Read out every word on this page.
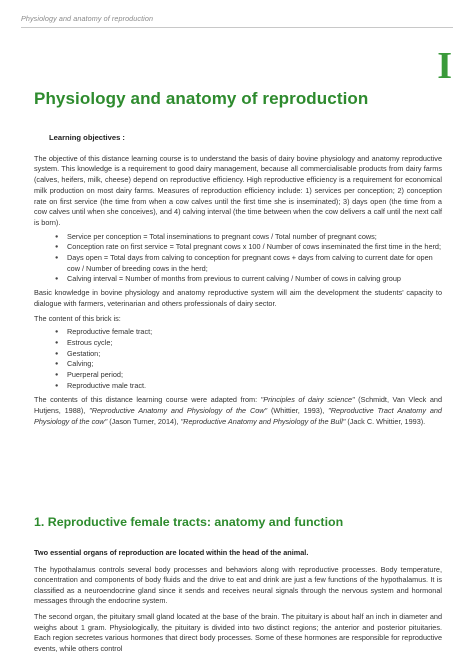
Physiology and anatomy of reproduction
I
Physiology and anatomy of reproduction

Learning objectives :

The objective of this distance learning course is to understand the basis of dairy bovine physiology and anatomy reproductive system. This knowledge is a requirement to good dairy management, because all commercialisable products from dairy farms (calves, heifers, milk, cheese) depend on reproductive efficiency. High reproductive efficiency is a requirement for economical milk production on most dairy farms. Measures of reproduction efficiency include: 1) services per conception; 2) conception rate on first service (the time from when a cow calves until the first time she is inseminated); 3) days open (the time from a cow calves until when she conceives), and 4) calving interval (the time between when the cow delivers a calf until the next calf is born).

● Service per conception = Total inseminations to pregnant cows / Total number of pregnant cows;
● Conception rate on first service = Total pregnant cows x 100 / Number of cows inseminated the first time in the herd;
● Days open = Total days from calving to conception for pregnant cows + days from calving to current date for open cow / Number of breeding cows in the herd;
● Calving interval = Number of months from previous to current calving / Number of cows in calving group

Basic knowledge in bovine physiology and anatomy reproductive system will aim the development the students' capacity to dialogue with farmers, veterinarian and others professionals of dairy sector.

The content of this brick is:

● Reproductive female tract;
● Estrous cycle;
● Gestation;
● Calving;
● Puerperal period;
● Reproductive male tract.

The contents of this distance learning course were adapted from: "Principles of dairy science" (Schmidt, Van Vleck and Hutjens, 1988), "Reproductive Anatomy and Physiology of the Cow" (Whittier, 1993), "Reproductive Tract Anatomy and Physiology of the cow" (Jason Turner, 2014), "Reproductive Anatomy and Physiology of the Bull" (Jack C. Whittier, 1993).

1. Reproductive female tracts: anatomy and function

Two essential organs of reproduction are located within the head of the animal.

The hypothalamus controls several body processes and behaviors along with reproductive processes. Body temperature, concentration and components of body fluids and the drive to eat and drink are just a few functions of the hypothalamus. It is classified as a neuroendocrine gland since it sends and receives neural signals through the nervous system and hormonal messages through the endocrine system.

The second organ, the pituitary small gland located at the base of the brain. The pituitary is about half an inch in diameter and weighs about 1 gram. Physiologically, the pituitary is divided into two distinct regions; the anterior and posterior pituitaries. Each region secretes various hormones that direct body processes. Some of these hormones are responsible for reproductive events, while others control
